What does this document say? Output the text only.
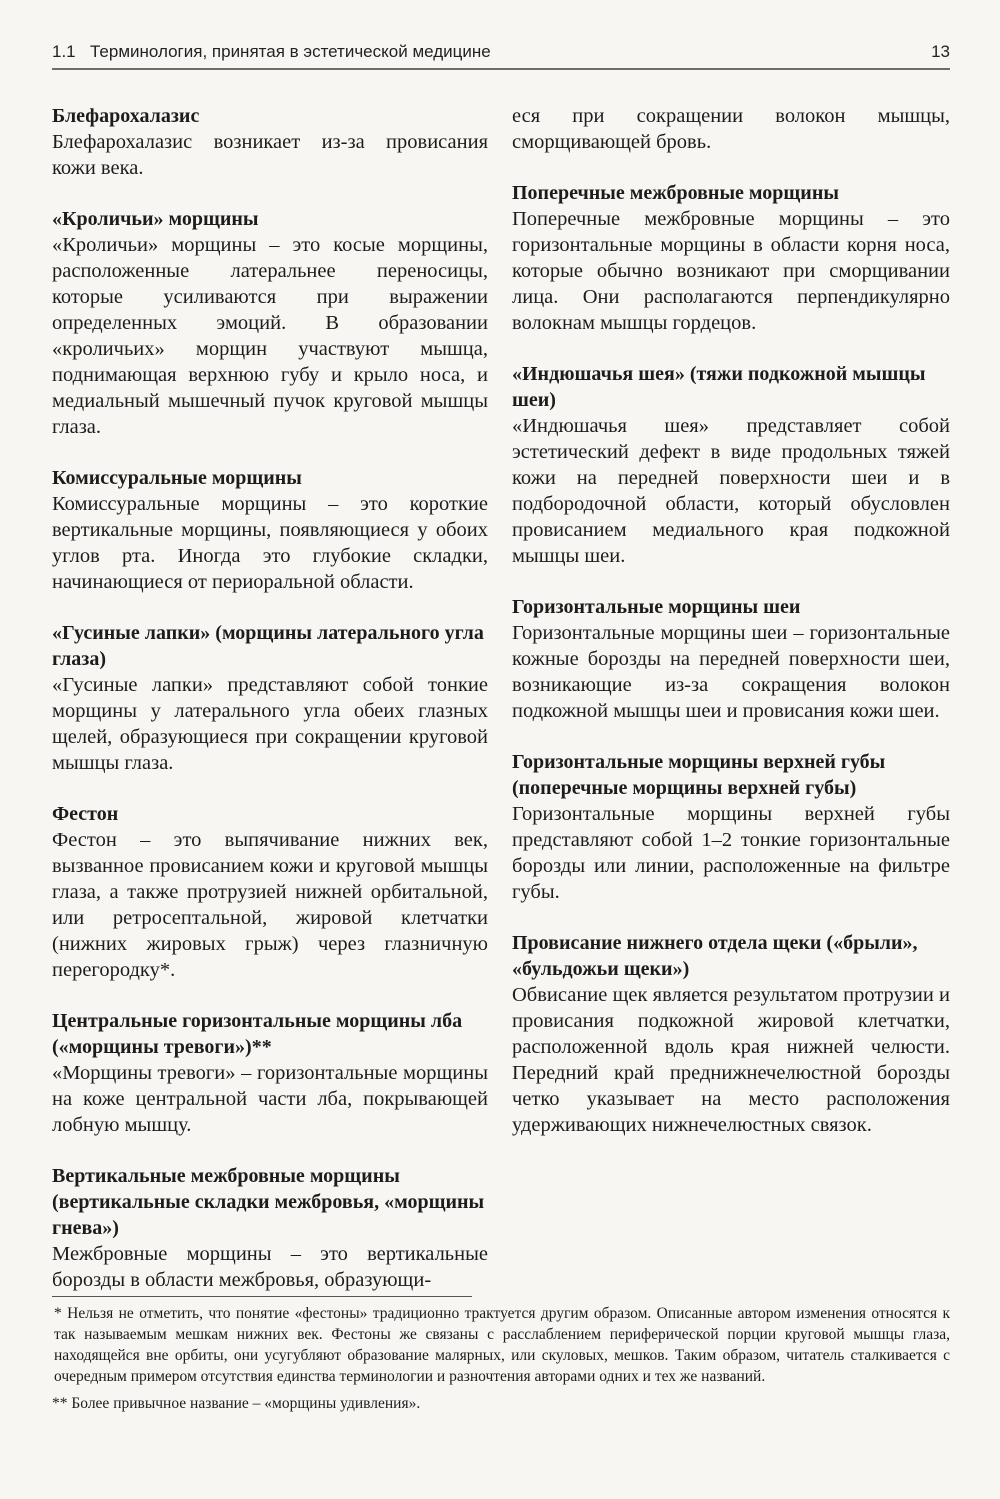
1.1 Терминология, принятая в эстетической медицине	13
Блефарохалазис

Блефарохалазис возникает из-за провисания кожи века.

«Кроличьи» морщины

«Кроличьи» морщины – это косые морщины, расположенные латеральнее переносицы, которые усиливаются при выражении определенных эмоций. В образовании «кроличьих» морщин участвуют мышца, поднимающая верхнюю губу и крыло носа, и медиальный мышечный пучок круговой мышцы глаза.

Комиссуральные морщины

Комиссуральные морщины – это короткие вертикальные морщины, появляющиеся у обоих углов рта. Иногда это глубокие складки, начинающиеся от периоральной области.

«Гусиные лапки» (морщины латерального угла глаза)

«Гусиные лапки» представляют собой тонкие морщины у латерального угла обеих глазных щелей, образующиеся при сокращении круговой мышцы глаза.

Фестон

Фестон – это выпячивание нижних век, вызванное провисанием кожи и круговой мышцы глаза, а также протрузией нижней орбитальной, или ретросептальной, жировой клетчатки (нижних жировых грыж) через глазничную перегородку*.

Центральные горизонтальные морщины лба («морщины тревоги»)**

«Морщины тревоги» – горизонтальные морщины на коже центральной части лба, покрывающей лобную мышцу.

Вертикальные межбровные морщины (вертикальные складки межбровья, «морщины гнева»)

Межбровные морщины – это вертикальные борозды в области межбровья, образующи-

еся при сокращении волокон мышцы, сморщивающей бровь.

Поперечные межбровные морщины

Поперечные межбровные морщины – это горизонтальные морщины в области корня носа, которые обычно возникают при сморщивании лица. Они располагаются перпендикулярно волокнам мышцы гордецов.

«Индюшачья шея» (тяжи подкожной мышцы шеи)

«Индюшачья шея» представляет собой эстетический дефект в виде продольных тяжей кожи на передней поверхности шеи и в подбородочной области, который обусловлен провисанием медиального края подкожной мышцы шеи.

Горизонтальные морщины шеи

Горизонтальные морщины шеи – горизонтальные кожные борозды на передней поверхности шеи, возникающие из-за сокращения волокон подкожной мышцы шеи и провисания кожи шеи.

Горизонтальные морщины верхней губы (поперечные морщины верхней губы)

Горизонтальные морщины верхней губы представляют собой 1–2 тонкие горизонтальные борозды или линии, расположенные на фильтре губы.

Провисание нижнего отдела щеки («брыли», «бульдожьи щеки»)

Обвисание щек является результатом протрузии и провисания подкожной жировой клетчатки, расположенной вдоль края нижней челюсти. Передний край преднижнечелюстной борозды четко указывает на место расположения удерживающих нижнечелюстных связок.

* Нельзя не отметить, что понятие «фестоны» традиционно трактуется другим образом. Описанные автором изменения относятся к так называемым мешкам нижних век. Фестоны же связаны с расслаблением периферической порции круговой мышцы глаза, находящейся вне орбиты, они усугубляют образование малярных, или скуловых, мешков. Таким образом, читатель сталкивается с очередным примером отсутствия единства терминологии и разночтения авторами одних и тех же названий.

** Более привычное название – «морщины удивления».
